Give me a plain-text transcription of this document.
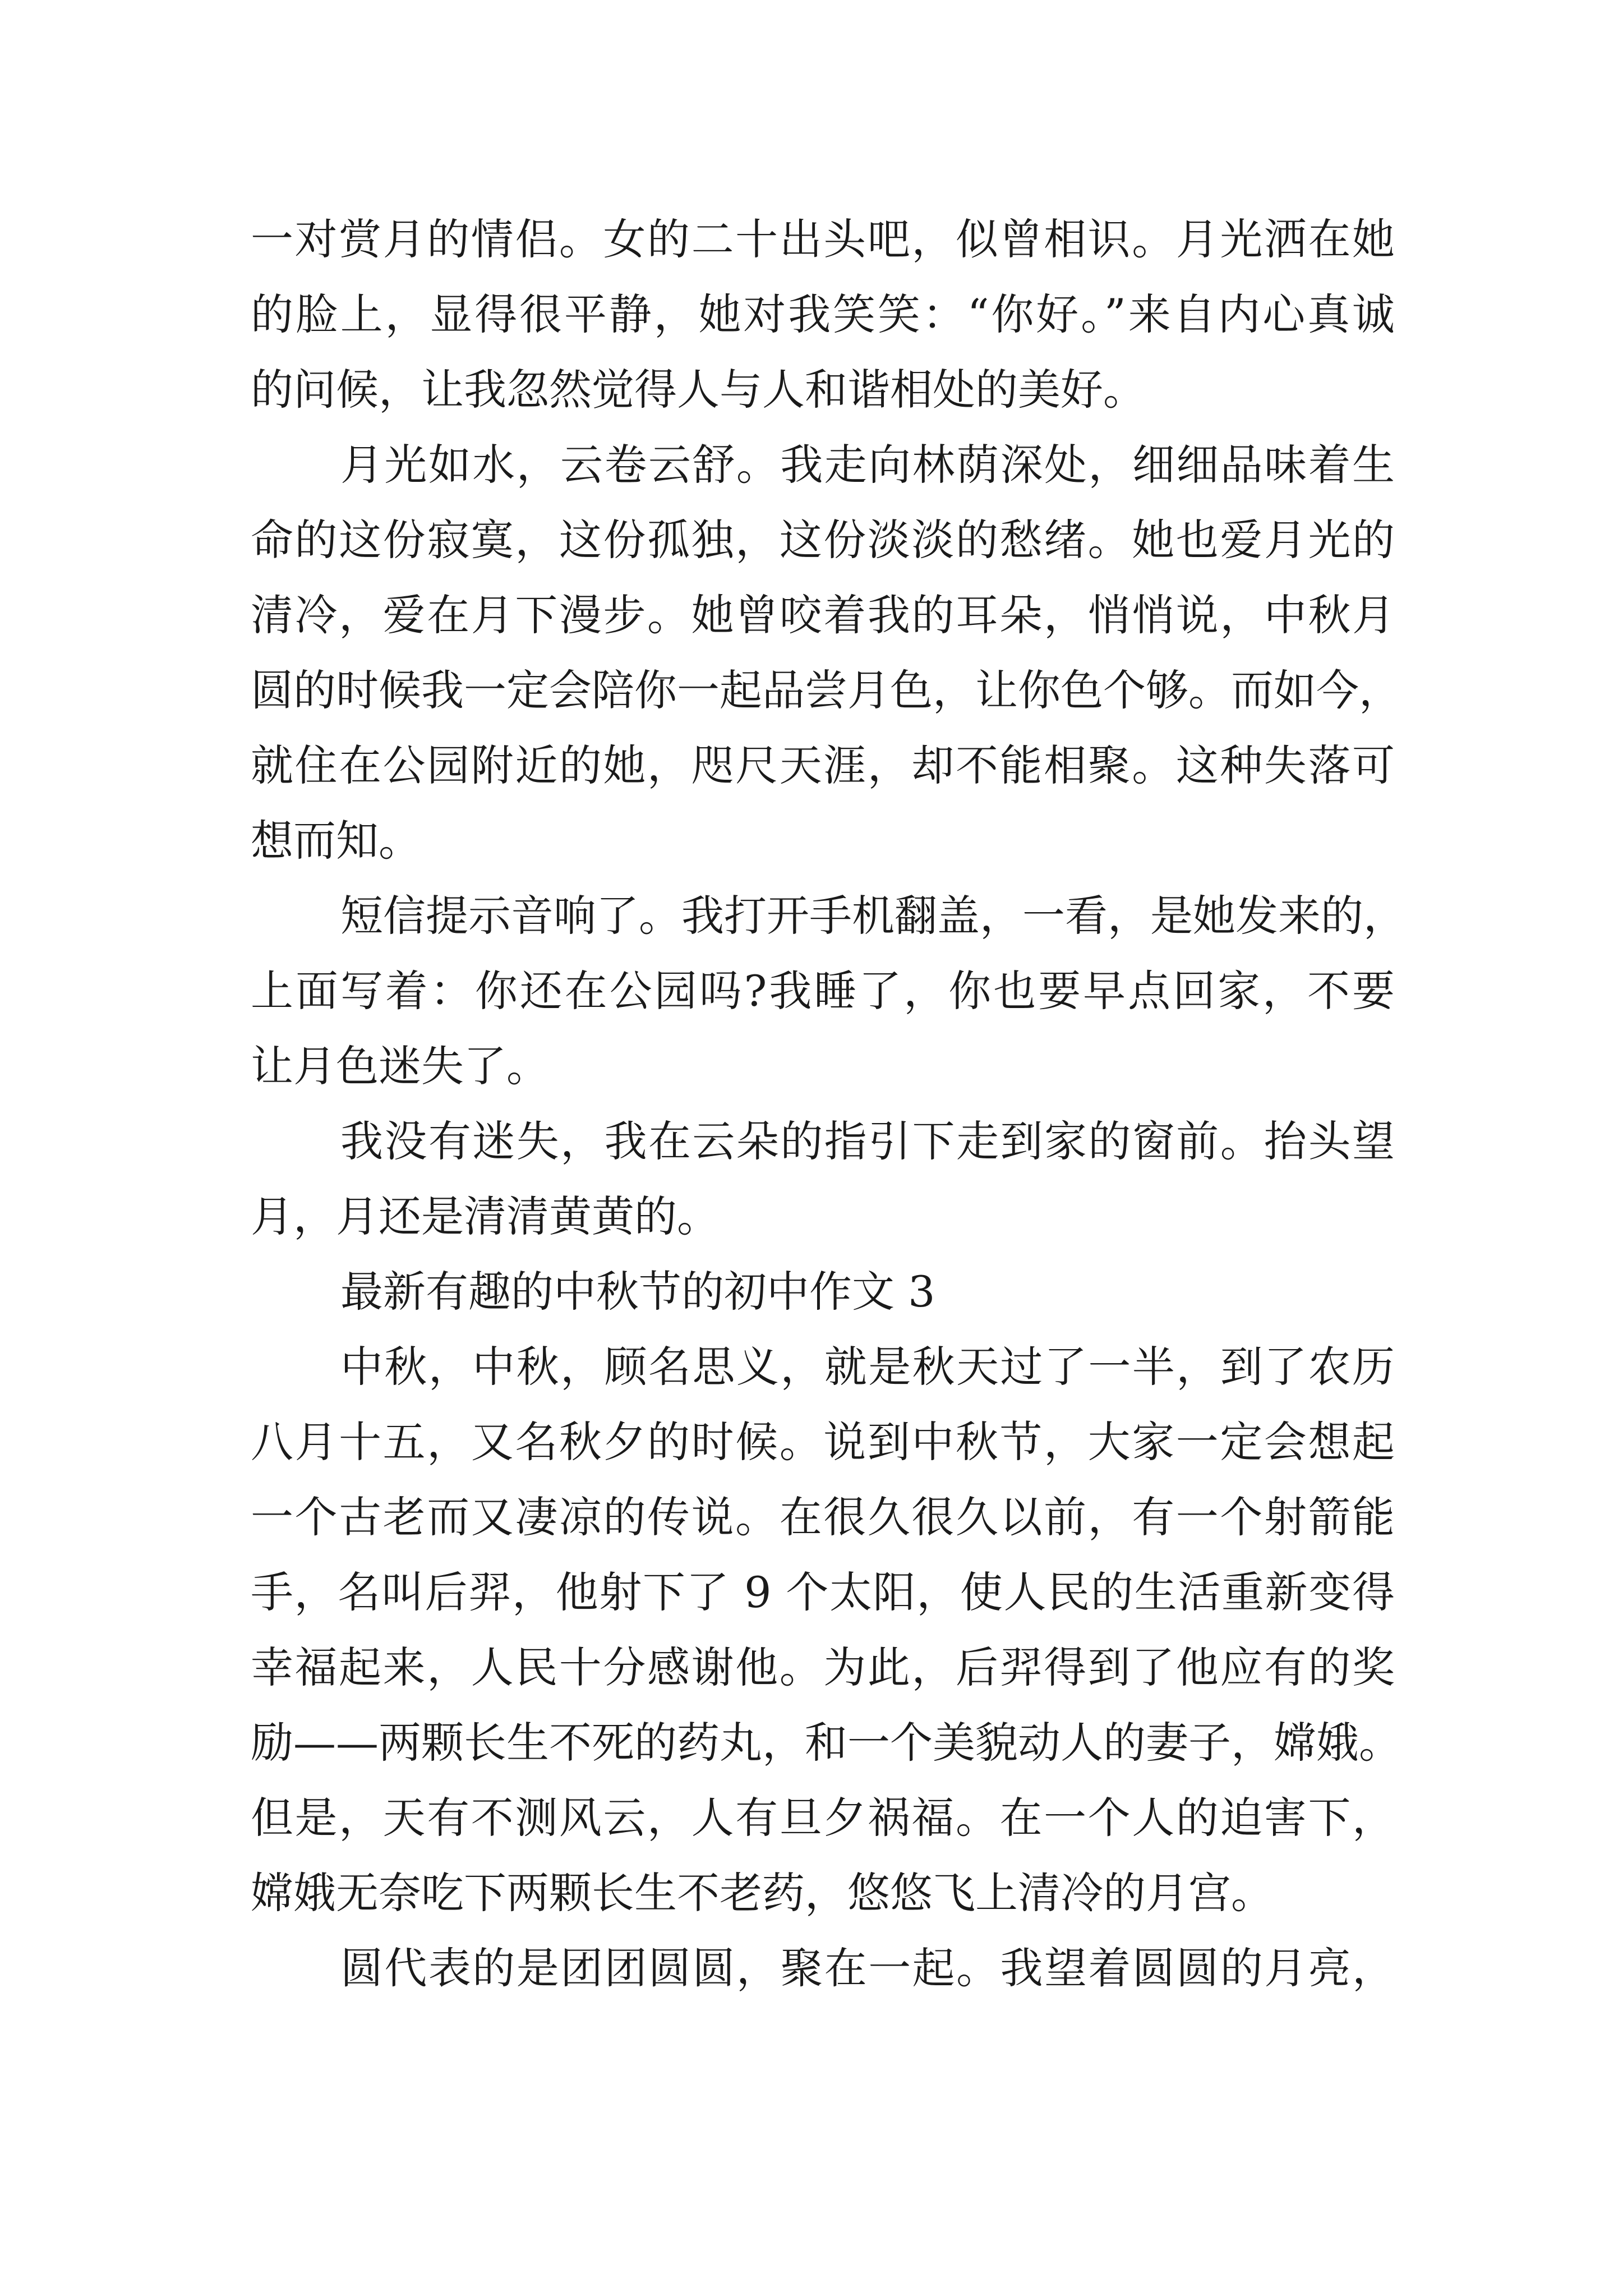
一对赏月的情侣。女的二十出头吧，似曾相识。月光洒在她
的脸上，显得很平静，她对我笑笑：“你好。”来自内心真诚
的问候，让我忽然觉得人与人和谐相处的美好。
月光如水，云卷云舒。我走向林荫深处，细细品味着生
命的这份寂寞，这份孤独，这份淡淡的愁绪。她也爱月光的
清冷，爱在月下漫步。她曾咬着我的耳朵，悄悄说，中秋月
圆的时候我一定会陪你一起品尝月色，让你色个够。而如今，
就住在公园附近的她，咫尺天涯，却不能相聚。这种失落可
想而知。
短信提示音响了。我打开手机翻盖，一看，是她发来的，
上面写着：你还在公园吗?我睡了，你也要早点回家，不要
让月色迷失了。
我没有迷失，我在云朵的指引下走到家的窗前。抬头望
月，月还是清清黄黄的。
最新有趣的中秋节的初中作文 3
中秋，中秋，顾名思义，就是秋天过了一半，到了农历
八月十五，又名秋夕的时候。说到中秋节，大家一定会想起
一个古老而又凄凉的传说。在很久很久以前，有一个射箭能
手，名叫后羿，他射下了 9 个太阳，使人民的生活重新变得
幸福起来，人民十分感谢他。为此，后羿得到了他应有的奖
励——两颗长生不死的药丸，和一个美貌动人的妻子，嫦娥。
但是，天有不测风云，人有旦夕祸福。在一个人的迫害下，
嫦娥无奈吃下两颗长生不老药，悠悠飞上清冷的月宫。
圆代表的是团团圆圆，聚在一起。我望着圆圆的月亮，
